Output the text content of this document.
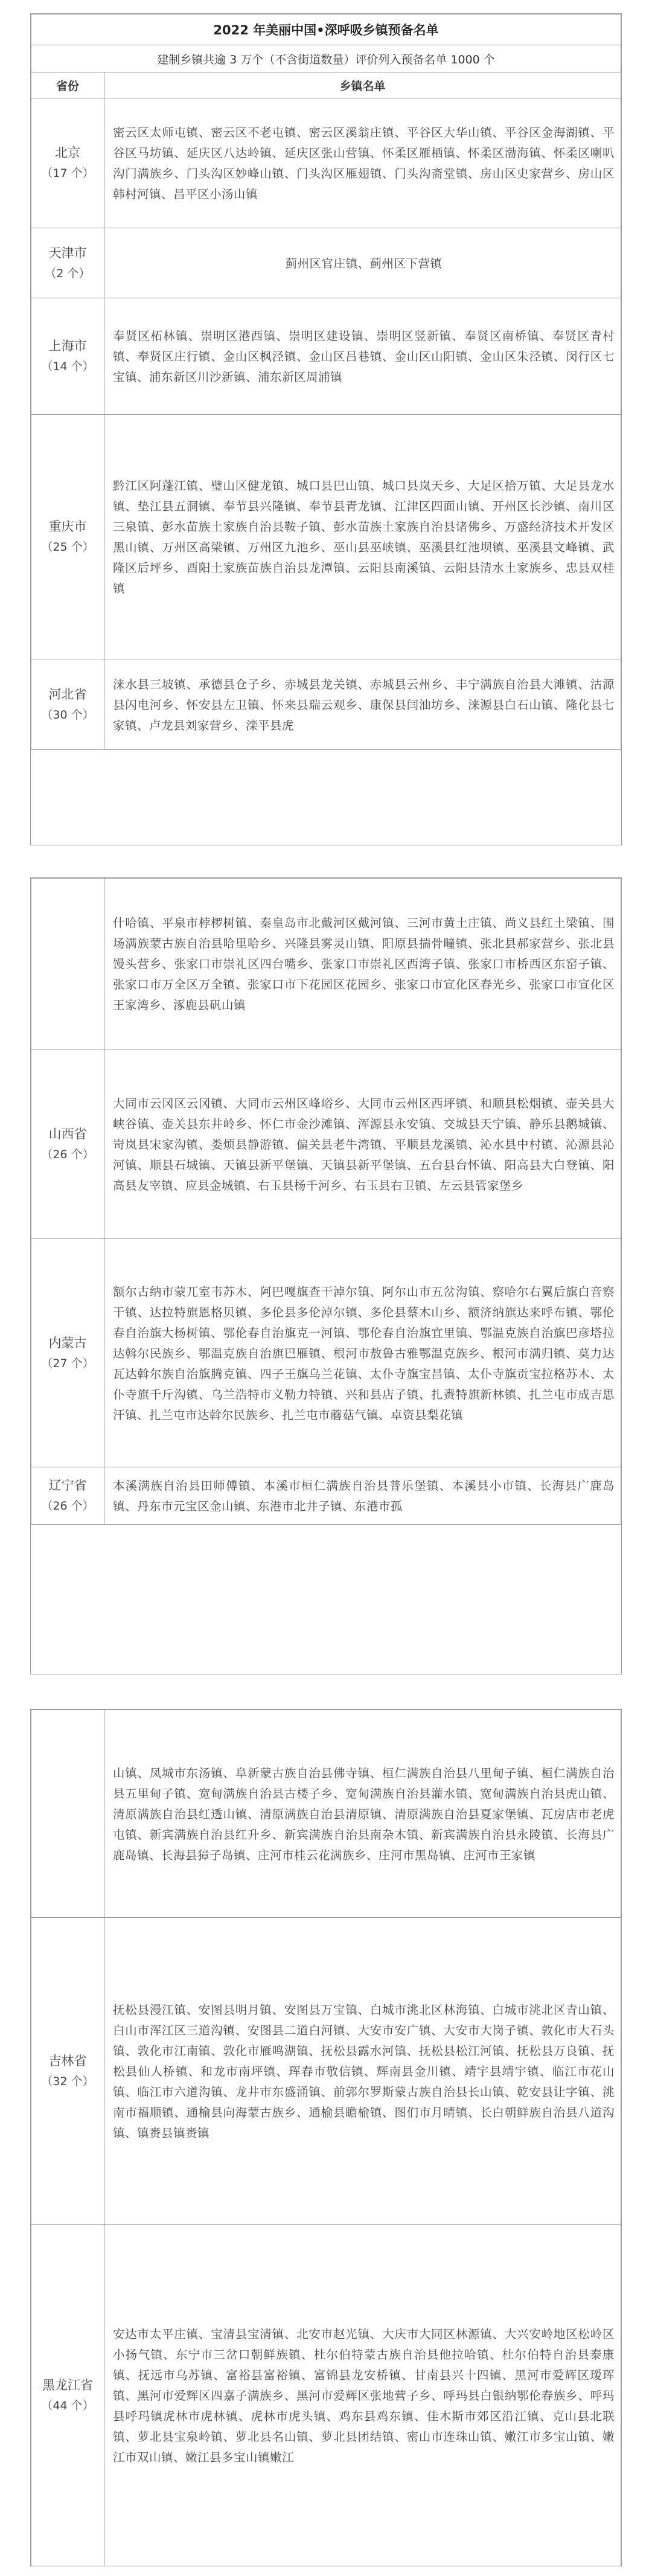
2022 年美丽中国•深呼吸乡镇预备名单	
建制乡镇共逾 3 万个（不含街道数量）评价列入预备名单 1000 个	
省份	乡镇名单
北京
（17 个）	密云区太师屯镇、密云区不老屯镇、密云区溪翁庄镇、平谷区大华山镇、平谷区金海湖镇、平谷区马坊镇、延庆区八达岭镇、延庆区张山营镇、怀柔区雁栖镇、怀柔区渤海镇、怀柔区喇叭沟门满族乡、门头沟区妙峰山镇、门头沟区雁翅镇、门头沟斋堂镇、房山区史家营乡、房山区韩村河镇、昌平区小汤山镇
天津市
（2 个）	蓟州区官庄镇、蓟州区下营镇
上海市
（14 个）	奉贤区柘林镇、崇明区港西镇、崇明区建设镇、崇明区竖新镇、奉贤区南桥镇、奉贤区青村镇、奉贤区庄行镇、金山区枫泾镇、金山区吕巷镇、金山区山阳镇、金山区朱泾镇、闵行区七宝镇、浦东新区川沙新镇、浦东新区周浦镇
重庆市
（25 个）	黔江区阿蓬江镇、璧山区健龙镇、城口县巴山镇、城口县岚天乡、大足区拾万镇、大足县龙水镇、垫江县五洞镇、奉节县兴隆镇、奉节县青龙镇、江津区四面山镇、开州区长沙镇、南川区三泉镇、彭水苗族土家族自治县鞍子镇、彭水苗族土家族自治县诸佛乡、万盛经济技术开发区黑山镇、万州区高梁镇、万州区九池乡、巫山县巫峡镇、巫溪县红池坝镇、巫溪县文峰镇、武隆区后坪乡、酉阳土家族苗族自治县龙潭镇、云阳县南溪镇、云阳县清水土家族乡、忠县双桂镇
河北省
（30 个）	涞水县三坡镇、承德县仓子乡、赤城县龙关镇、赤城县云州乡、丰宁满族自治县大滩镇、沽源县闪电河乡、怀安县左卫镇、怀来县瑞云观乡、康保县闫油坊乡、涞源县白石山镇、隆化县七家镇、卢龙县刘家营乡、滦平县虎
	什哈镇、平泉市桲椤树镇、秦皇岛市北戴河区戴河镇、三河市黄土庄镇、尚义县红土梁镇、围场满族蒙古族自治县哈里哈乡、兴隆县雾灵山镇、阳原县揣骨疃镇、张北县郝家营乡、张北县馒头营乡、张家口市崇礼区四台嘴乡、张家口市崇礼区西湾子镇、张家口市桥西区东窑子镇、张家口市万全区万全镇、张家口市下花园区花园乡、张家口市宣化区春光乡、张家口市宣化区王家湾乡、涿鹿县矾山镇
山西省
（26 个）	大同市云冈区云冈镇、大同市云州区峰峪乡、大同市云州区西坪镇、和顺县松烟镇、壶关县大峡谷镇、壶关县东井岭乡、怀仁市金沙滩镇、浑源县永安镇、交城县天宁镇、静乐县鹅城镇、岢岚县宋家沟镇、娄烦县静游镇、偏关县老牛湾镇、平顺县龙溪镇、沁水县中村镇、沁源县沁河镇、顺县石城镇、天镇县新平堡镇、天镇县新平堡镇、五台县台怀镇、阳高县大白登镇、阳高县友宰镇、应县金城镇、右玉县杨千河乡、右玉县右卫镇、左云县管家堡乡
内蒙古
（27 个）	额尔古纳市蒙兀室韦苏木、阿巴嘎旗查干淖尔镇、阿尔山市五岔沟镇、察哈尔右翼后旗白音察干镇、达拉特旗恩格贝镇、多伦县多伦淖尔镇、多伦县蔡木山乡、额济纳旗达来呼布镇、鄂伦春自治旗大杨树镇、鄂伦春自治旗克一河镇、鄂伦春自治旗宜里镇、鄂温克族自治旗巴彦塔拉达斡尔民族乡、鄂温克族自治旗巴雁镇、根河市敖鲁古雅鄂温克族乡、根河市满归镇、莫力达瓦达斡尔族自治旗腾克镇、四子王旗乌兰花镇、太仆寺旗宝昌镇、太仆寺旗贡宝拉格苏木、太仆寺旗千斤沟镇、乌兰浩特市义勒力特镇、兴和县店子镇、扎赉特旗新林镇、扎兰屯市成吉思汗镇、扎兰屯市达斡尔民族乡、扎兰屯市蘑菇气镇、卓资县梨花镇
辽宁省
（26 个）	本溪满族自治县田师傅镇、本溪市桓仁满族自治县普乐堡镇、本溪县小市镇、长海县广鹿岛镇、丹东市元宝区金山镇、东港市北井子镇、东港市孤
	山镇、凤城市东汤镇、阜新蒙古族自治县佛寺镇、桓仁满族自治县八里甸子镇、桓仁满族自治县五里甸子镇、宽甸满族自治县古楼子乡、宽甸满族自治县灌水镇、宽甸满族自治县虎山镇、清原满族自治县红透山镇、清原满族自治县清原镇、清原满族自治县夏家堡镇、瓦房店市老虎屯镇、新宾满族自治县红升乡、新宾满族自治县南杂木镇、新宾满族自治县永陵镇、长海县广鹿岛镇、长海县獐子岛镇、庄河市桂云花满族乡、庄河市黑岛镇、庄河市王家镇
吉林省
（32 个）	抚松县漫江镇、安图县明月镇、安图县万宝镇、白城市洮北区林海镇、白城市洮北区青山镇、白山市浑江区三道沟镇、安图县二道白河镇、大安市安广镇、大安市大岗子镇、敦化市大石头镇、敦化市江南镇、敦化市雁鸣湖镇、抚松县露水河镇、抚松县松江河镇、抚松县万良镇、抚松县仙人桥镇、和龙市南坪镇、珲春市敬信镇、辉南县金川镇、靖宇县靖宇镇、临江市花山镇、临江市六道沟镇、龙井市东盛涌镇、前郭尔罗斯蒙古族自治县长山镇、乾安县让字镇、洮南市福顺镇、通榆县向海蒙古族乡、通榆县瞻榆镇、图们市月晴镇、长白朝鲜族自治县八道沟镇、镇赉县镇赉镇
黑龙江省
（44 个）	安达市太平庄镇、宝清县宝清镇、北安市赵光镇、大庆市大同区林源镇、大兴安岭地区松岭区小扬气镇、东宁市三岔口朝鲜族镇、杜尔伯特蒙古族自治县他拉哈镇、杜尔伯特自治县泰康镇、抚远市乌苏镇、富裕县富裕镇、富锦县龙安桥镇、甘南县兴十四镇、黑河市爱辉区瑷珲镇、黑河市爱辉区四嘉子满族乡、黑河市爱辉区张地营子乡、呼玛县白银纳鄂伦春族乡、呼玛县呼玛镇虎林市虎林镇、虎林市虎头镇、鸡东县鸡东镇、佳木斯市郊区沿江镇、克山县北联镇、萝北县宝泉岭镇、萝北县名山镇、萝北县团结镇、密山市连珠山镇、嫩江市多宝山镇、嫩江市双山镇、嫩江县多宝山镇嫩江
